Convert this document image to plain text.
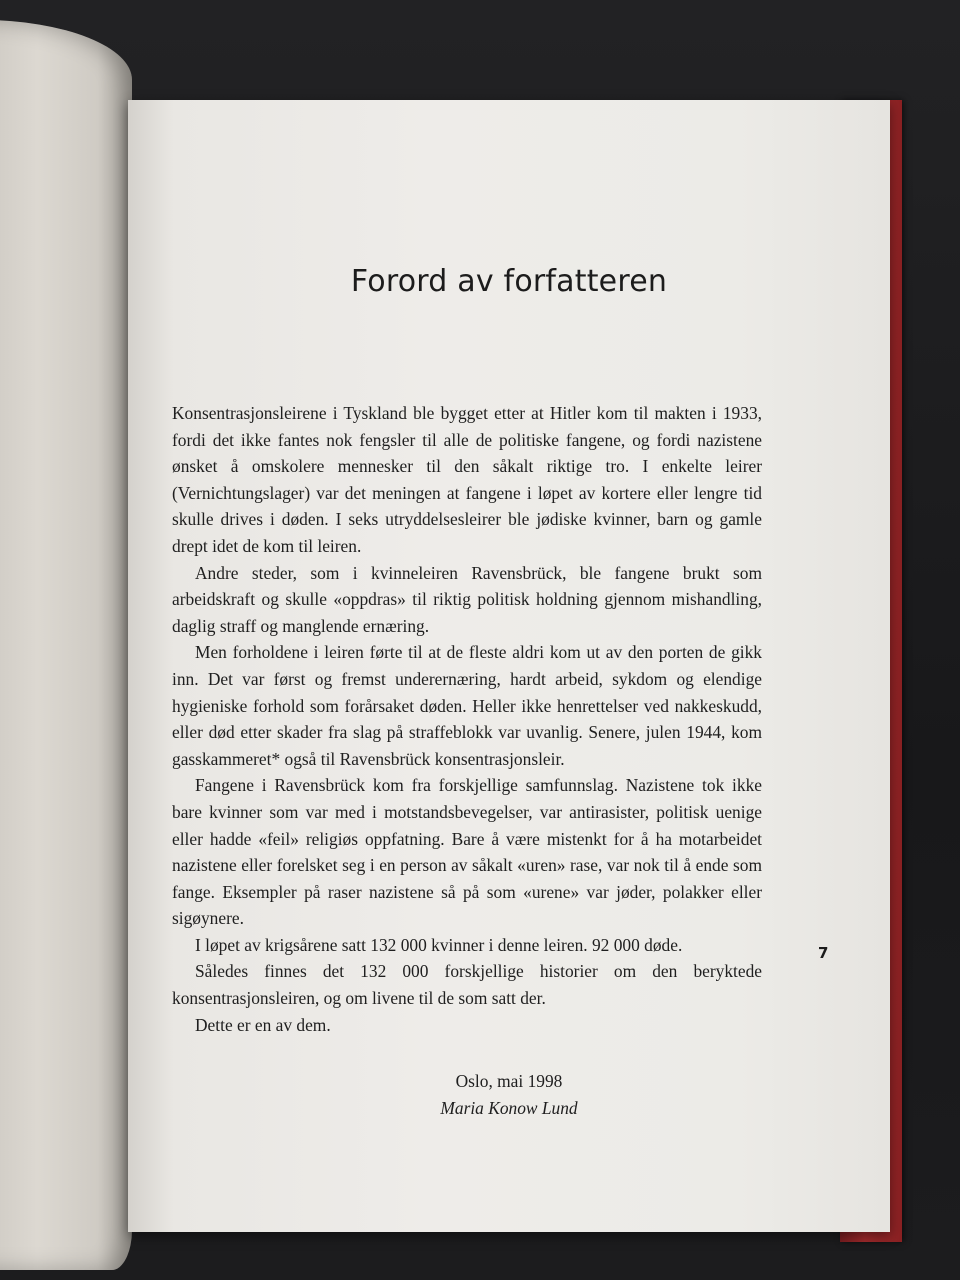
Forord av forfatteren

Konsentrasjonsleirene i Tyskland ble bygget etter at Hitler kom til makten i 1933, fordi det ikke fantes nok fengsler til alle de politiske fangene, og fordi nazistene ønsket å omskolere mennesker til den såkalt riktige tro. I enkelte leirer (Vernichtungslager) var det meningen at fangene i løpet av kortere eller lengre tid skulle drives i døden. I seks utryddelsesleirer ble jødiske kvinner, barn og gamle drept idet de kom til leiren.

Andre steder, som i kvinneleiren Ravensbrück, ble fangene brukt som arbeidskraft og skulle «oppdras» til riktig politisk holdning gjennom mishandling, daglig straff og manglende ernæring.

Men forholdene i leiren førte til at de fleste aldri kom ut av den porten de gikk inn. Det var først og fremst underernæring, hardt arbeid, sykdom og elendige hygieniske forhold som forårsaket døden. Heller ikke henrettelser ved nakkeskudd, eller død etter skader fra slag på straffeblokk var uvanlig. Senere, julen 1944, kom gasskammeret* også til Ravensbrück konsentrasjonsleir.

Fangene i Ravensbrück kom fra forskjellige samfunnslag. Nazistene tok ikke bare kvinner som var med i motstandsbevegelser, var antirasister, politisk uenige eller hadde «feil» religiøs oppfatning. Bare å være mistenkt for å ha motarbeidet nazistene eller forelsket seg i en person av såkalt «uren» rase, var nok til å ende som fange. Eksempler på raser nazistene så på som «urene» var jøder, polakker eller sigøynere.

I løpet av krigsårene satt 132 000 kvinner i denne leiren. 92 000 døde.

Således finnes det 132 000 forskjellige historier om den beryktede konsentrasjonsleiren, og om livene til de som satt der.

Dette er en av dem.

Oslo, mai 1998
Maria Konow Lund
7
